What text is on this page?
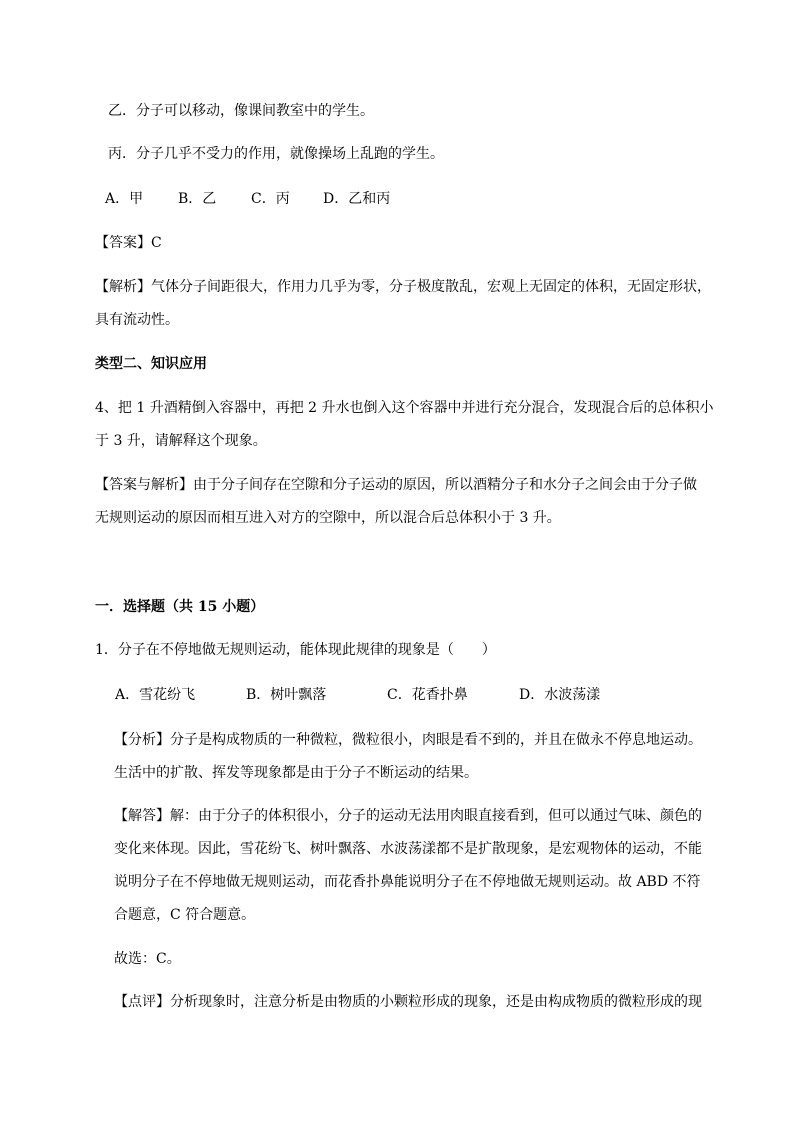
乙．分子可以移动，像课间教室中的学生。
丙．分子几乎不受力的作用，就像操场上乱跑的学生。
A．甲 B．乙 C．丙 D．乙和丙
【答案】C
【解析】气体分子间距很大，作用力几乎为零，分子极度散乱，宏观上无固定的体积，无固定形状，
具有流动性。
类型二、知识应用
4、把 1 升酒精倒入容器中，再把 2 升水也倒入这个容器中并进行充分混合，发现混合后的总体积小
于 3 升，请解释这个现象。
【答案与解析】由于分子间存在空隙和分子运动的原因，所以酒精分子和水分子之间会由于分子做
无规则运动的原因而相互进入对方的空隙中，所以混合后总体积小于 3 升。
一．选择题（共 15 小题）
1．分子在不停地做无规则运动，能体现此规律的现象是（　　）
A．雪花纷飞	B．树叶飘落	C．花香扑鼻	D．水波荡漾
【分析】分子是构成物质的一种微粒，微粒很小，肉眼是看不到的，并且在做永不停息地运动。
生活中的扩散、挥发等现象都是由于分子不断运动的结果。
【解答】解：由于分子的体积很小，分子的运动无法用肉眼直接看到，但可以通过气味、颜色的
变化来体现。因此，雪花纷飞、树叶飘落、水波荡漾都不是扩散现象，是宏观物体的运动，不能
说明分子在不停地做无规则运动，而花香扑鼻能说明分子在不停地做无规则运动。故 ABD 不符
合题意，C 符合题意。
故选：C。
【点评】分析现象时，注意分析是由物质的小颗粒形成的现象，还是由构成物质的微粒形成的现
